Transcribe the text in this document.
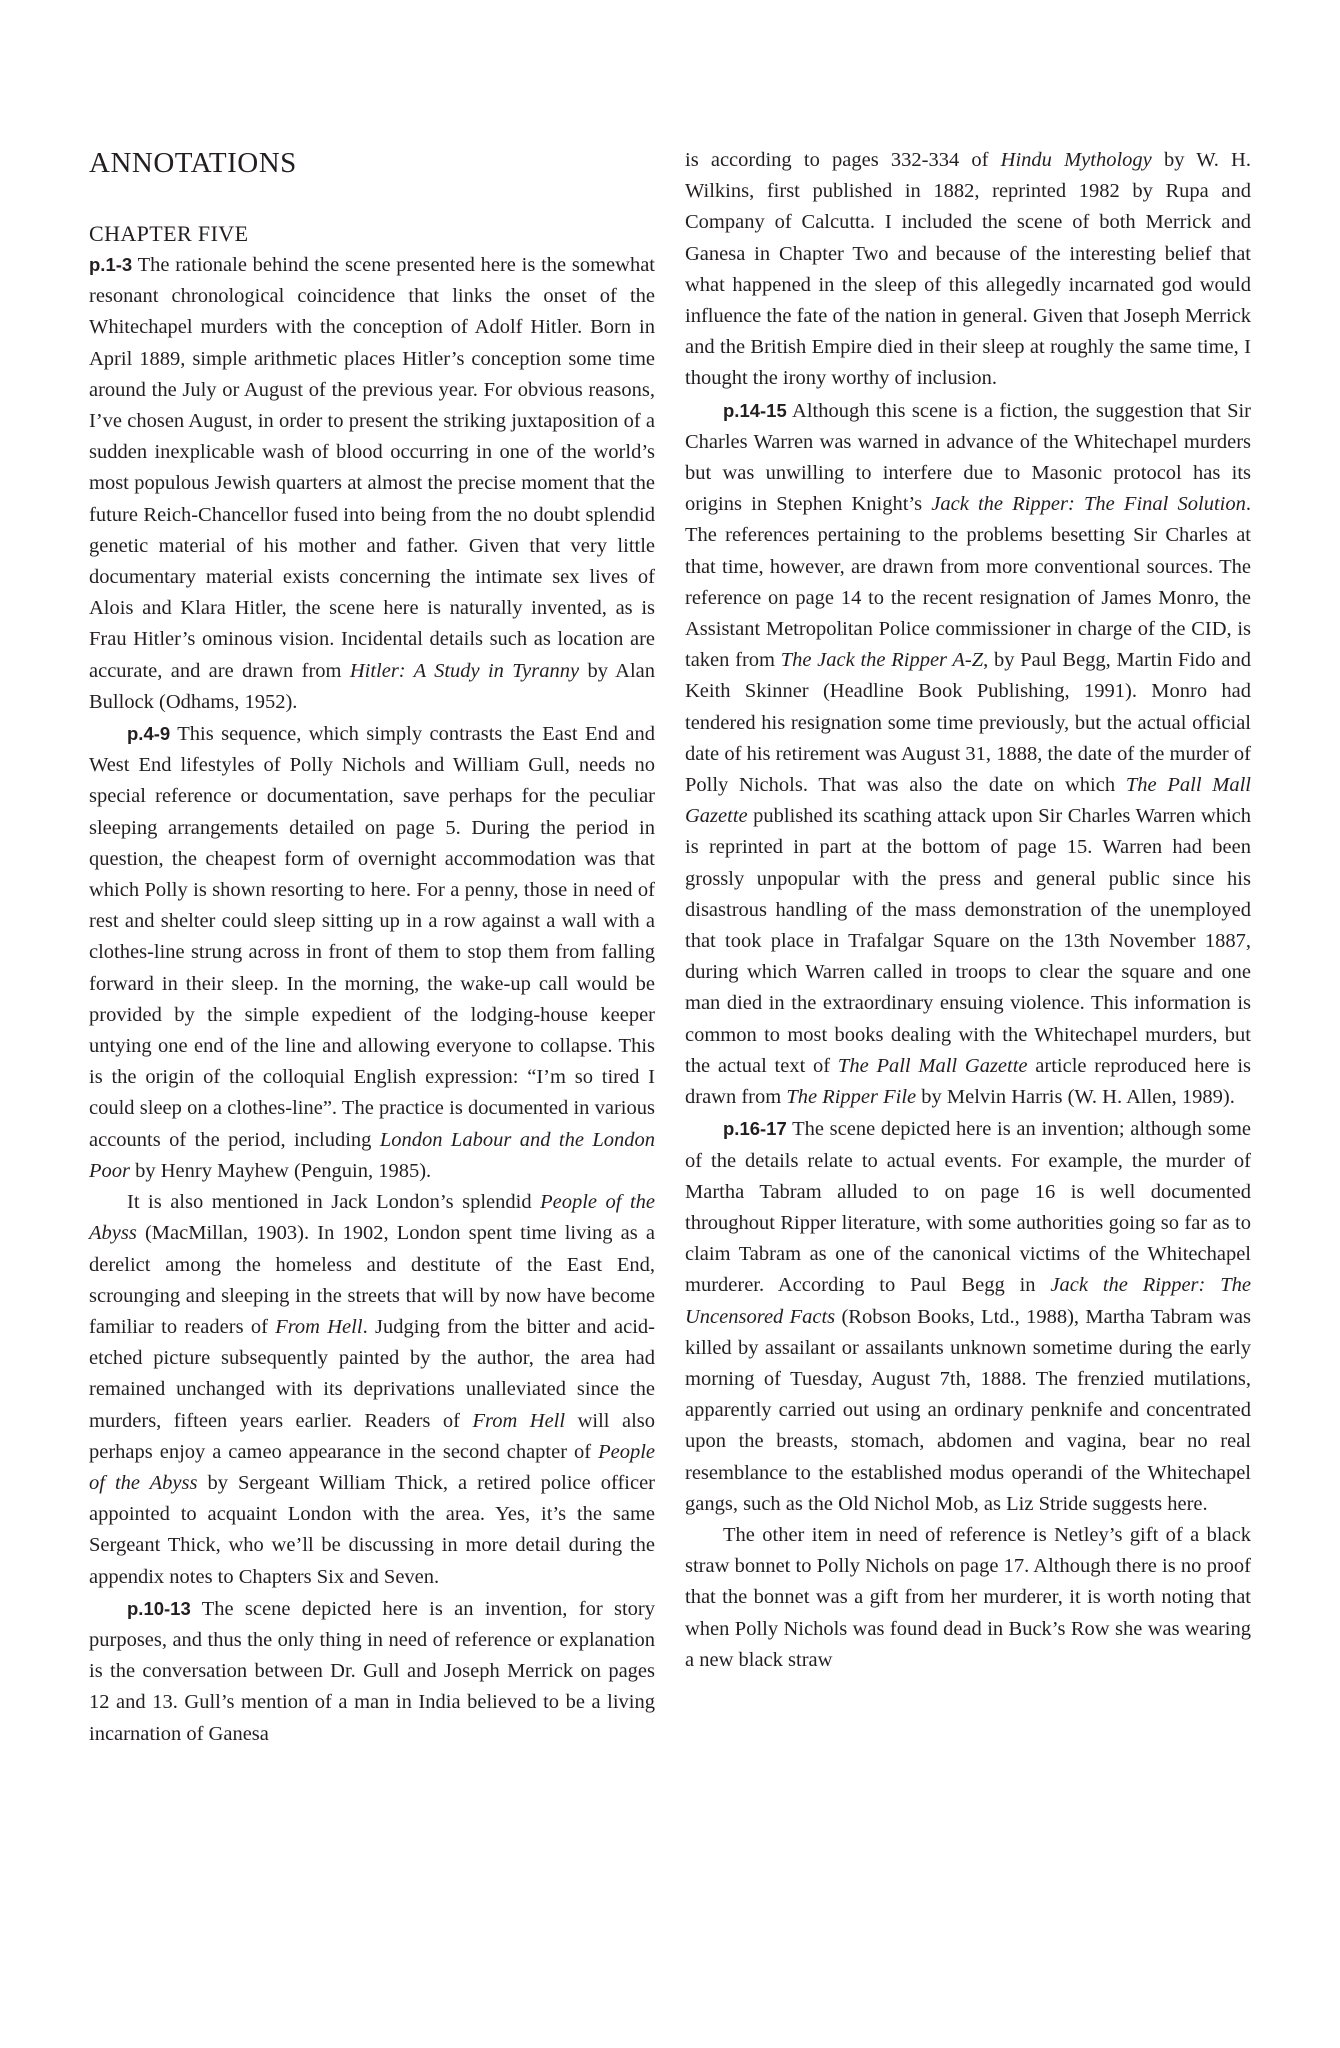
ANNOTATIONS
CHAPTER FIVE

p.1-3 The rationale behind the scene presented here is the somewhat resonant chronological coincidence that links the onset of the Whitechapel murders with the conception of Adolf Hitler. Born in April 1889, simple arithmetic places Hitler’s conception some time around the July or August of the previous year. For obvious reasons, I’ve chosen August, in order to present the striking juxtaposition of a sudden inexplicable wash of blood occurring in one of the world’s most populous Jewish quarters at almost the precise moment that the future Reich-Chancellor fused into being from the no doubt splendid genetic material of his mother and father. Given that very little documentary material exists concerning the intimate sex lives of Alois and Klara Hitler, the scene here is naturally invented, as is Frau Hitler’s ominous vision. Incidental details such as location are accurate, and are drawn from Hitler: A Study in Tyranny by Alan Bullock (Odhams, 1952).

p.4-9 This sequence, which simply contrasts the East End and West End lifestyles of Polly Nichols and William Gull, needs no special reference or documentation, save perhaps for the peculiar sleeping arrangements detailed on page 5. During the period in question, the cheapest form of overnight accommodation was that which Polly is shown resorting to here. For a penny, those in need of rest and shelter could sleep sitting up in a row against a wall with a clothes-line strung across in front of them to stop them from falling forward in their sleep. In the morning, the wake-up call would be provided by the simple expedient of the lodging-house keeper untying one end of the line and allowing everyone to collapse. This is the origin of the colloquial English expression: “I’m so tired I could sleep on a clothes-line”. The practice is documented in various accounts of the period, including London Labour and the London Poor by Henry Mayhew (Penguin, 1985).

It is also mentioned in Jack London’s splendid People of the Abyss (MacMillan, 1903). In 1902, London spent time living as a derelict among the homeless and destitute of the East End, scrounging and sleeping in the streets that will by now have become familiar to readers of From Hell. Judging from the bitter and acid-etched picture subsequently painted by the author, the area had remained unchanged with its deprivations unalleviated since the murders, fifteen years earlier. Readers of From Hell will also perhaps enjoy a cameo appearance in the second chapter of People of the Abyss by Sergeant William Thick, a retired police officer appointed to acquaint London with the area. Yes, it’s the same Sergeant Thick, who we’ll be discussing in more detail during the appendix notes to Chapters Six and Seven.

p.10-13 The scene depicted here is an invention, for story purposes, and thus the only thing in need of reference or explanation is the conversation between Dr. Gull and Joseph Merrick on pages 12 and 13. Gull’s mention of a man in India believed to be a living incarnation of Ganesa

is according to pages 332-334 of Hindu Mythology by W. H. Wilkins, first published in 1882, reprinted 1982 by Rupa and Company of Calcutta. I included the scene of both Merrick and Ganesa in Chapter Two and because of the interesting belief that what happened in the sleep of this allegedly incarnated god would influence the fate of the nation in general. Given that Joseph Merrick and the British Empire died in their sleep at roughly the same time, I thought the irony worthy of inclusion.

p.14-15 Although this scene is a fiction, the suggestion that Sir Charles Warren was warned in advance of the Whitechapel murders but was unwilling to interfere due to Masonic protocol has its origins in Stephen Knight’s Jack the Ripper: The Final Solution. The references pertaining to the problems besetting Sir Charles at that time, however, are drawn from more conventional sources. The reference on page 14 to the recent resignation of James Monro, the Assistant Metropolitan Police commissioner in charge of the CID, is taken from The Jack the Ripper A-Z, by Paul Begg, Martin Fido and Keith Skinner (Headline Book Publishing, 1991). Monro had tendered his resignation some time previously, but the actual official date of his retirement was August 31, 1888, the date of the murder of Polly Nichols. That was also the date on which The Pall Mall Gazette published its scathing attack upon Sir Charles Warren which is reprinted in part at the bottom of page 15. Warren had been grossly unpopular with the press and general public since his disastrous handling of the mass demonstration of the unemployed that took place in Trafalgar Square on the 13th November 1887, during which Warren called in troops to clear the square and one man died in the extraordinary ensuing violence. This information is common to most books dealing with the Whitechapel murders, but the actual text of The Pall Mall Gazette article reproduced here is drawn from The Ripper File by Melvin Harris (W. H. Allen, 1989).

p.16-17 The scene depicted here is an invention; although some of the details relate to actual events. For example, the murder of Martha Tabram alluded to on page 16 is well documented throughout Ripper literature, with some authorities going so far as to claim Tabram as one of the canonical victims of the Whitechapel murderer. According to Paul Begg in Jack the Ripper: The Uncensored Facts (Robson Books, Ltd., 1988), Martha Tabram was killed by assailant or assailants unknown sometime during the early morning of Tuesday, August 7th, 1888. The frenzied mutilations, apparently carried out using an ordinary penknife and concentrated upon the breasts, stomach, abdomen and vagina, bear no real resemblance to the established modus operandi of the Whitechapel gangs, such as the Old Nichol Mob, as Liz Stride suggests here.

The other item in need of reference is Netley’s gift of a black straw bonnet to Polly Nichols on page 17. Although there is no proof that the bonnet was a gift from her murderer, it is worth noting that when Polly Nichols was found dead in Buck’s Row she was wearing a new black straw
